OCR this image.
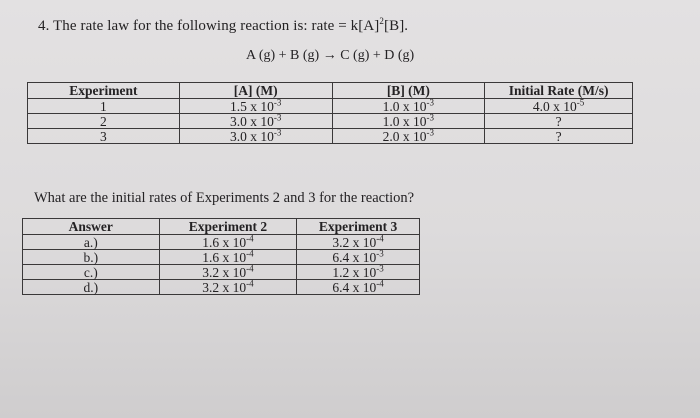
4. The rate law for the following reaction is: rate = $k[A]^2[B]$.
A (g) + B (g) → C (g) + D (g)
Experiment	[A] (M)	[B] (M)	Initial Rate (M/s)
1	1.5 x $10^{-3}$	1.0 x $10^{-3}$	4.0 x $10^{-5}$
2	3.0 x $10^{-3}$	1.0 x $10^{-3}$	?
3	3.0 x $10^{-3}$	2.0 x $10^{-3}$	?
What are the initial rates of Experiments 2 and 3 for the reaction?
Answer	Experiment 2	Experiment 3
a.)	1.6 x $10^{-4}$	3.2 x $10^{-4}$
b.)	1.6 x $10^{-4}$	6.4 x $10^{-3}$
c.)	3.2 x $10^{-4}$	1.2 x $10^{-3}$
d.)	3.2 x $10^{-4}$	6.4 x $10^{-4}$
